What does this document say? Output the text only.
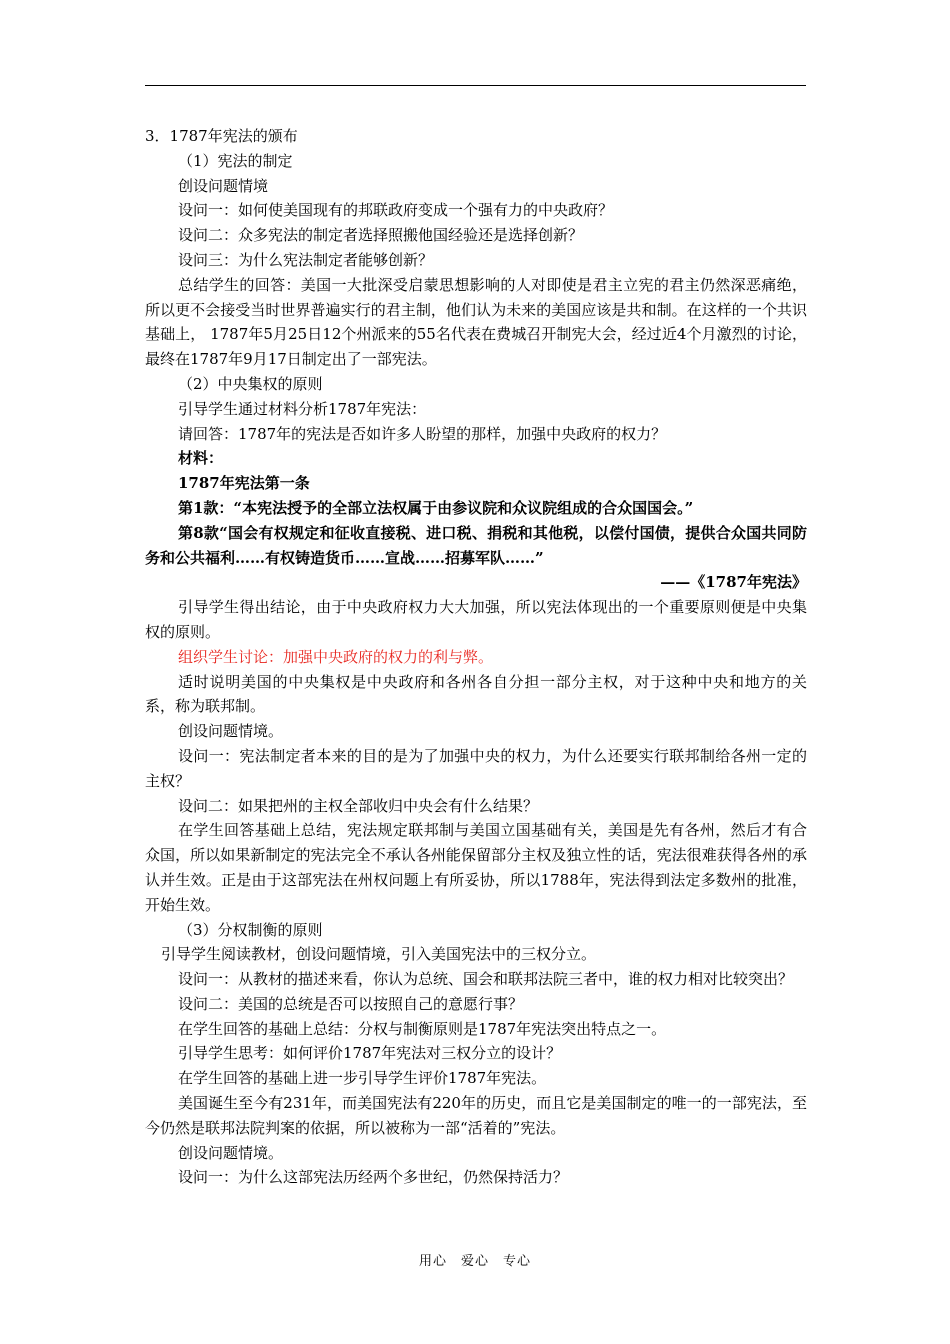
3．1787年宪法的颁布

（1）宪法的制定

创设问题情境

设问一：如何使美国现有的邦联政府变成一个强有力的中央政府？

设问二：众多宪法的制定者选择照搬他国经验还是选择创新？

设问三：为什么宪法制定者能够创新？

总结学生的回答：美国一大批深受启蒙思想影响的人对即使是君主立宪的君主仍然深恶痛绝，所以更不会接受当时世界普遍实行的君主制，他们认为未来的美国应该是共和制。在这样的一个共识基础上， 1787年5月25日12个州派来的55名代表在费城召开制宪大会，经过近4个月激烈的讨论，最终在1787年9月17日制定出了一部宪法。

（2）中央集权的原则

引导学生通过材料分析1787年宪法：

请回答：1787年的宪法是否如许多人盼望的那样，加强中央政府的权力？

材料：

1787年宪法第一条

第1款：“本宪法授予的全部立法权属于由参议院和众议院组成的合众国国会。”

第8款“国会有权规定和征收直接税、进口税、捐税和其他税，以偿付国债，提供合众国共同防务和公共福利……有权铸造货币……宣战……招募军队……”

——《1787年宪法》

引导学生得出结论，由于中央政府权力大大加强，所以宪法体现出的一个重要原则便是中央集权的原则。

组织学生讨论：加强中央政府的权力的利与弊。

适时说明美国的中央集权是中央政府和各州各自分担一部分主权，对于这种中央和地方的关系，称为联邦制。

创设问题情境。

设问一：宪法制定者本来的目的是为了加强中央的权力，为什么还要实行联邦制给各州一定的主权？

设问二：如果把州的主权全部收归中央会有什么结果？

在学生回答基础上总结，宪法规定联邦制与美国立国基础有关，美国是先有各州，然后才有合众国，所以如果新制定的宪法完全不承认各州能保留部分主权及独立性的话，宪法很难获得各州的承认并生效。正是由于这部宪法在州权问题上有所妥协，所以1788年，宪法得到法定多数州的批准，开始生效。

（3）分权制衡的原则

引导学生阅读教材，创设问题情境，引入美国宪法中的三权分立。

设问一：从教材的描述来看，你认为总统、国会和联邦法院三者中，谁的权力相对比较突出？

设问二：美国的总统是否可以按照自己的意愿行事？

在学生回答的基础上总结：分权与制衡原则是1787年宪法突出特点之一。

引导学生思考：如何评价1787年宪法对三权分立的设计？

在学生回答的基础上进一步引导学生评价1787年宪法。

美国诞生至今有231年，而美国宪法有220年的历史，而且它是美国制定的唯一的一部宪法，至今仍然是联邦法院判案的依据，所以被称为一部“活着的”宪法。

创设问题情境。

设问一：为什么这部宪法历经两个多世纪，仍然保持活力？

用心　爱心　专心
